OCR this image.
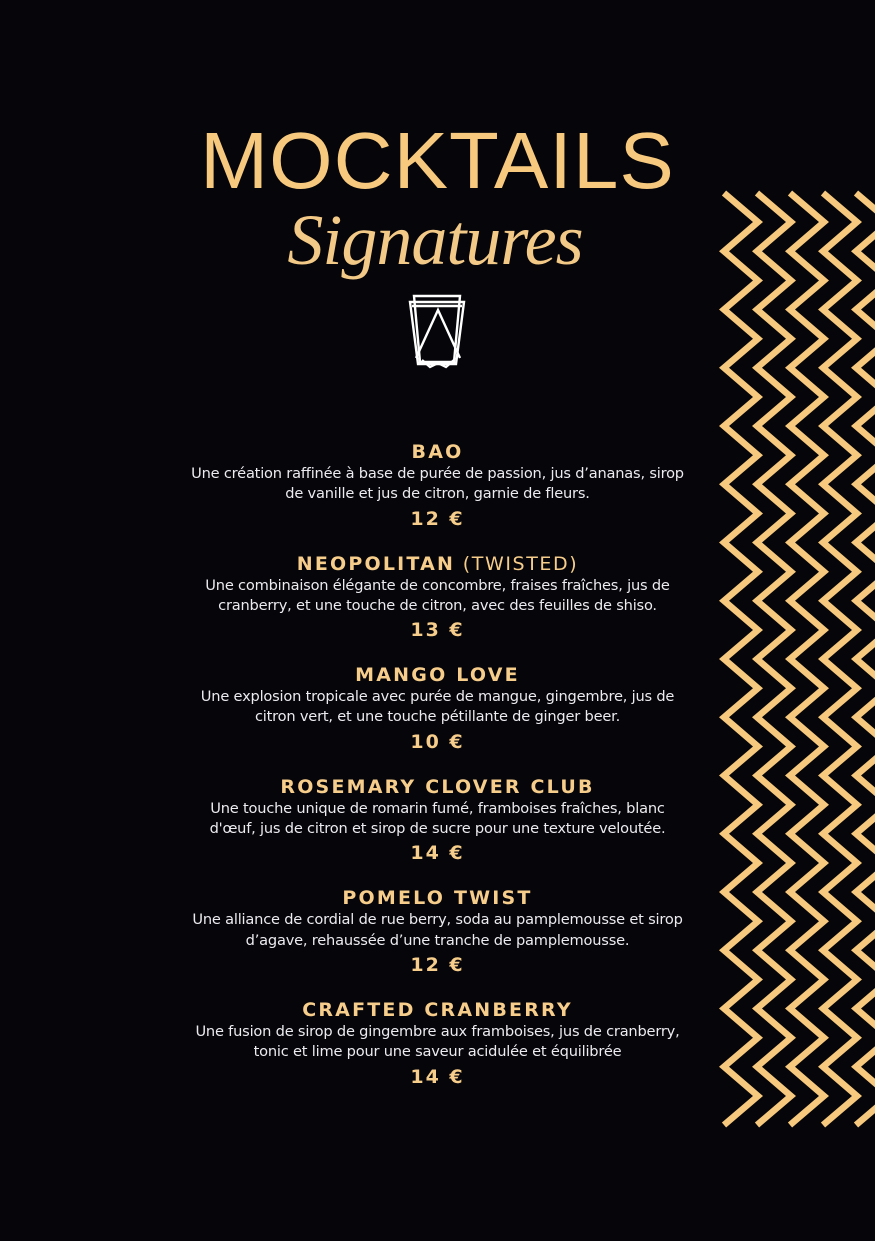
MOCKTAILS
Signatures
BAO
Une création raffinée à base de purée de passion, jus d’ananas, sirop de vanille et jus de citron, garnie de fleurs.
12 €
NEOPOLITAN (TWISTED)
Une combinaison élégante de concombre, fraises fraîches, jus de cranberry, et une touche de citron, avec des feuilles de shiso.
13 €
MANGO LOVE
Une explosion tropicale avec purée de mangue, gingembre, jus de citron vert, et une touche pétillante de ginger beer.
10 €
ROSEMARY CLOVER CLUB
Une touche unique de romarin fumé, framboises fraîches, blanc d'œuf, jus de citron et sirop de sucre pour une texture veloutée.
14 €
POMELO TWIST
Une alliance de cordial de rue berry, soda au pamplemousse et sirop d’agave, rehaussée d’une tranche de pamplemousse.
12 €
CRAFTED CRANBERRY
Une fusion de sirop de gingembre aux framboises, jus de cranberry, tonic et lime pour une saveur acidulée et équilibrée
14 €
